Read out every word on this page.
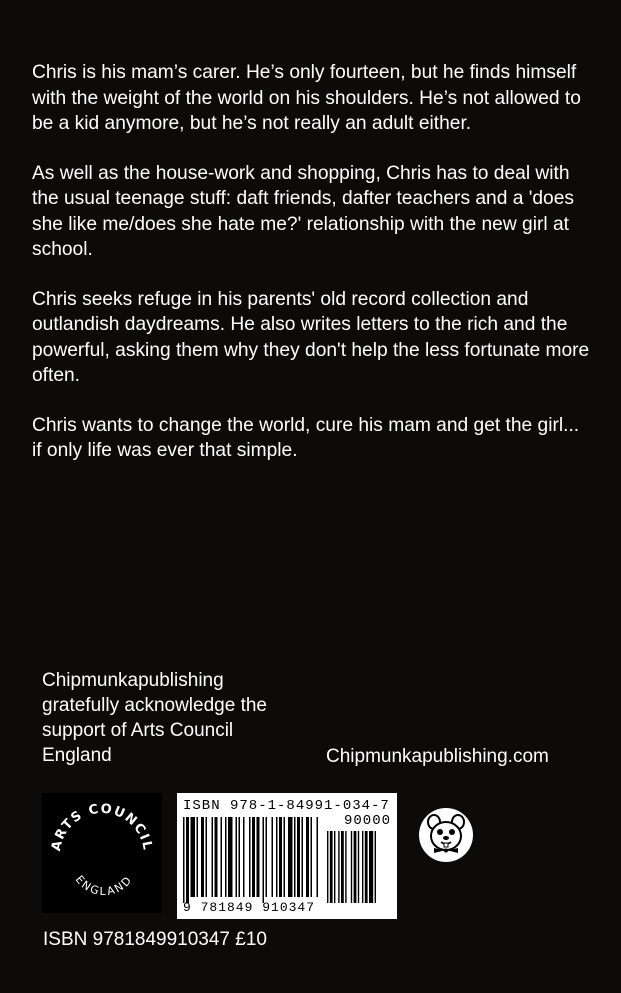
Chris is his mam’s carer. He’s only fourteen, but he finds himself with the weight of the world on his shoulders. He’s not allowed to be a kid anymore, but he’s not really an adult either.

As well as the house-work and shopping, Chris has to deal with the usual teenage stuff: daft friends, dafter teachers and a 'does she like me/does she hate me?' relationship with the new girl at school.

Chris seeks refuge in his parents' old record collection and outlandish daydreams. He also writes letters to the rich and the powerful, asking them why they don't help the less fortunate more often.

Chris wants to change the world, cure his mam and get the girl... if only life was ever that simple.

Chipmunkapublishing
gratefully acknowledge the
support of Arts Council
England	Chipmunkapublishing.com
ARTS COUNCIL
ENGLAND
ISBN 978-1-84991-034-7
90000
9 781849 910347
ISBN 9781849910347 £10
